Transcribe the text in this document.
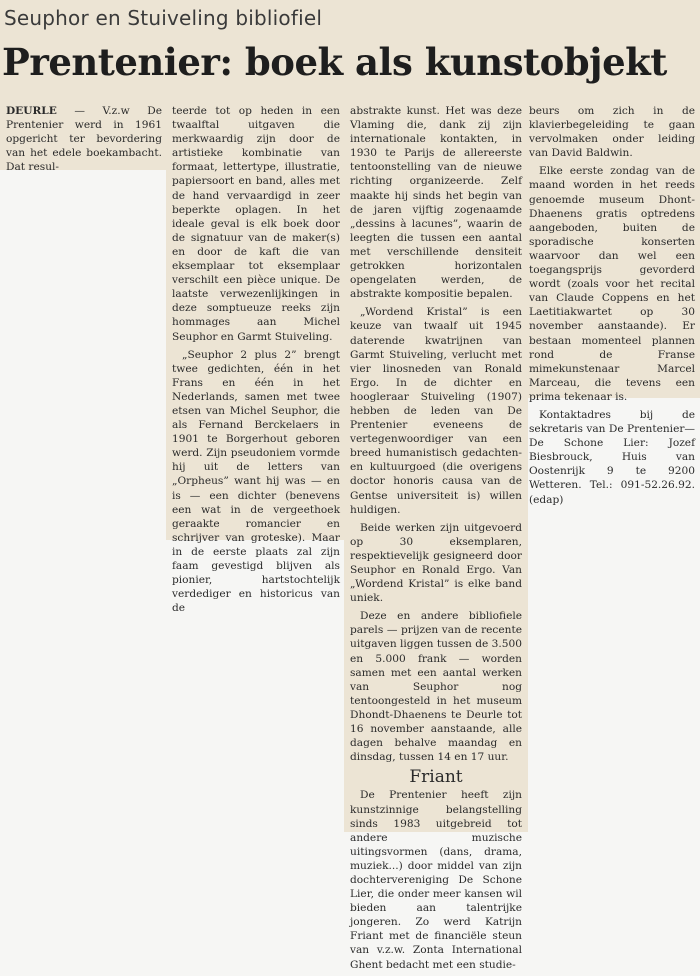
Seuphor en Stuiveling bibliofiel
Prentenier: boek als kunstobjekt

DEURLE — V.z.w De Prentenier werd in 1961 opgericht ter bevordering van het edele boekambacht. Dat resul-

teerde tot op heden in een twaalftal uitgaven die merkwaardig zijn door de artistieke kombinatie van formaat, lettertype, illustratie, papiersoort en band, alles met de hand vervaardigd in zeer beperkte oplagen. In het ideale geval is elk boek door de signatuur van de maker(s) en door de kaft die van eksemplaar tot eksemplaar verschilt een pièce unique. De laatste verwezenlijkingen in deze somptueuze reeks zijn hommages aan Michel Seuphor en Garmt Stuiveling.

„Seuphor 2 plus 2” brengt twee gedichten, één in het Frans en één in het Nederlands, samen met twee etsen van Michel Seuphor, die als Fernand Berckelaers in 1901 te Borgerhout geboren werd. Zijn pseudoniem vormde hij uit de letters van „Orpheus” want hij was — en is — een dichter (benevens een wat in de vergeethoek geraakte romancier en schrijver van groteske). Maar in de eerste plaats zal zijn faam gevestigd blijven als pionier, hartstochtelijk verdediger en historicus van de

abstrakte kunst. Het was deze Vlaming die, dank zij zijn internationale kontakten, in 1930 te Parijs de allereerste tentoonstelling van de nieuwe richting organizeerde. Zelf maakte hij sinds het begin van de jaren vijftig zogenaamde „dessins à lacunes”, waarin de leegten die tussen een aantal met verschillende densiteit getrokken horizontalen opengelaten werden, de abstrakte kompositie bepalen.

„Wordend Kristal” is een keuze van twaalf uit 1945 daterende kwatrijnen van Garmt Stuiveling, verlucht met vier linosneden van Ronald Ergo. In de dichter en hoogleraar Stuiveling (1907) hebben de leden van De Prentenier eveneens de vertegenwoordiger van een breed humanistisch gedachten- en kultuurgoed (die overigens doctor honoris causa van de Gentse universiteit is) willen huldigen.

Beide werken zijn uitgevoerd op 30 eksemplaren, respektievelijk gesigneerd door Seuphor en Ronald Ergo. Van „Wordend Kristal” is elke band uniek.

Deze en andere bibliofiele parels — prijzen van de recente uitgaven liggen tussen de 3.500 en 5.000 frank — worden samen met een aantal werken van Seuphor nog tentoongesteld in het museum Dhondt-Dhaenens te Deurle tot 16 november aanstaande, alle dagen behalve maandag en dinsdag, tussen 14 en 17 uur.

Friant

De Prentenier heeft zijn kunstzinnige belangstelling sinds 1983 uitgebreid tot andere muzische uitingsvormen (dans, drama, muziek...) door middel van zijn dochtervereniging De Schone Lier, die onder meer kansen wil bieden aan talentrijke jongeren. Zo werd Katrijn Friant met de financiële steun van v.z.w. Zonta International Ghent bedacht met een studie-

beurs om zich in de klavierbegeleiding te gaan vervolmaken onder leiding van David Baldwin.

Elke eerste zondag van de maand worden in het reeds genoemde museum Dhont-Dhaenens gratis optredens aangeboden, buiten de sporadische konserten waarvoor dan wel een toegangsprijs gevorderd wordt (zoals voor het recital van Claude Coppens en het Laetitiakwartet op 30 november aanstaande). Er bestaan momenteel plannen rond de Franse mimekunstenaar Marcel Marceau, die tevens een prima tekenaar is.

Kontaktadres bij de sekretaris van De Prentenier—De Schone Lier: Jozef Biesbrouck, Huis van Oostenrijk 9 te 9200 Wetteren. Tel.: 091-52.26.92. (edap)
